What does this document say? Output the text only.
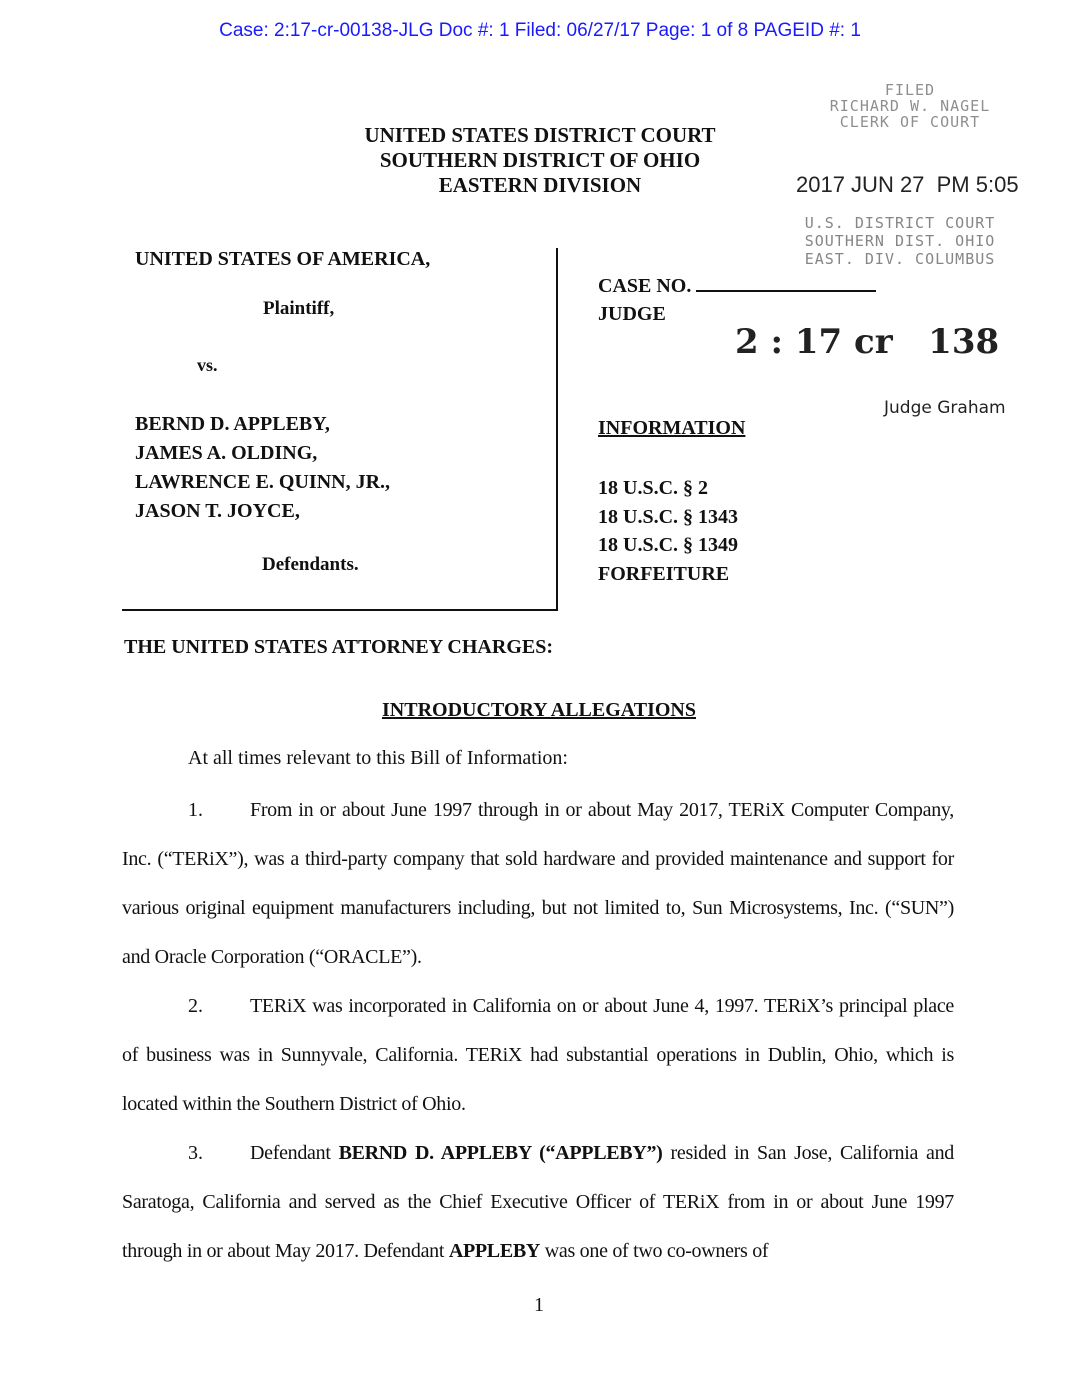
Case: 2:17-cr-00138-JLG Doc #: 1 Filed: 06/27/17 Page: 1 of 8 PAGEID #: 1
UNITED STATES DISTRICT COURT
SOUTHERN DISTRICT OF OHIO
EASTERN DIVISION
FILED
RICHARD W. NAGEL
CLERK OF COURT
2017 JUN 27  PM 5:05
U.S. DISTRICT COURT
SOUTHERN DIST. OHIO
EAST. DIV. COLUMBUS
UNITED STATES OF AMERICA,
Plaintiff,
vs.
BERND D. APPLEBY,
JAMES A. OLDING,
LAWRENCE E. QUINN, JR.,
JASON T. JOYCE,
Defendants.
CASE NO.
JUDGE
2 : 17 cr   138
Judge Graham
INFORMATION
18 U.S.C. § 2
18 U.S.C. § 1343
18 U.S.C. § 1349
FORFEITURE
THE UNITED STATES ATTORNEY CHARGES:
INTRODUCTORY ALLEGATIONS
At all times relevant to this Bill of Information:

1. From in or about June 1997 through in or about May 2017, TERiX Computer Company, Inc. (“TERiX”), was a third-party company that sold hardware and provided maintenance and support for various original equipment manufacturers including, but not limited to, Sun Microsystems, Inc. (“SUN”) and Oracle Corporation (“ORACLE”).

2. TERiX was incorporated in California on or about June 4, 1997. TERiX’s principal place of business was in Sunnyvale, California. TERiX had substantial operations in Dublin, Ohio, which is located within the Southern District of Ohio.

3. Defendant BERND D. APPLEBY (“APPLEBY”) resided in San Jose, California and Saratoga, California and served as the Chief Executive Officer of TERiX from in or about June 1997 through in or about May 2017. Defendant APPLEBY was one of two co-owners of

1
